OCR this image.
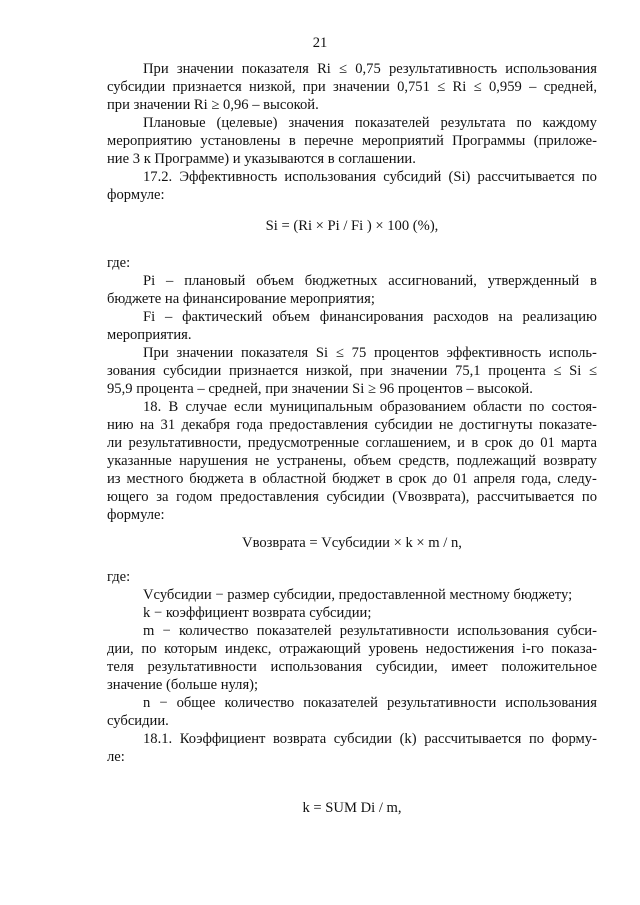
21
При значении показателя Ri ≤ 0,75 результативность использования
субсидии признается низкой, при значении 0,751 ≤ Ri ≤ 0,959 – средней,
при значении Ri ≥ 0,96 – высокой.
Плановые (целевые) значения показателей результата по каждому
мероприятию установлены в перечне мероприятий Программы (приложе-
ние 3 к Программе) и указываются в соглашении.
17.2. Эффективность использования субсидий (Si) рассчитывается по
формуле:
Si = (Ri × Pi / Fi ) × 100 (%),
где:
Pi – плановый объем бюджетных ассигнований, утвержденный в
бюджете на финансирование мероприятия;
Fi – фактический объем финансирования расходов на реализацию
мероприятия.
При значении показателя Si ≤ 75 процентов эффективность исполь-
зования субсидии признается низкой, при значении 75,1 процента ≤ Si ≤
95,9 процента – средней, при значении Si ≥ 96 процентов – высокой.
18. В случае если муниципальным образованием области по состоя-
нию на 31 декабря года предоставления субсидии не достигнуты показате-
ли результативности, предусмотренные соглашением, и в срок до 01 марта
указанные нарушения не устранены, объем средств, подлежащий возврату
из местного бюджета в областной бюджет в срок до 01 апреля года, следу-
ющего за годом предоставления субсидии (Vвозврата), рассчитывается по
формуле:
Vвозврата = Vсубсидии × k × m / n,
где:
Vсубсидии − размер субсидии, предоставленной местному бюджету;
k − коэффициент возврата субсидии;
m − количество показателей результативности использования субси-
дии, по которым индекс, отражающий уровень недостижения i-го показа-
теля результативности использования субсидии, имеет положительное
значение (больше нуля);
n − общее количество показателей результативности использования
субсидии.
18.1. Коэффициент возврата субсидии (k) рассчитывается по форму-
ле:
k = SUM Di / m,
